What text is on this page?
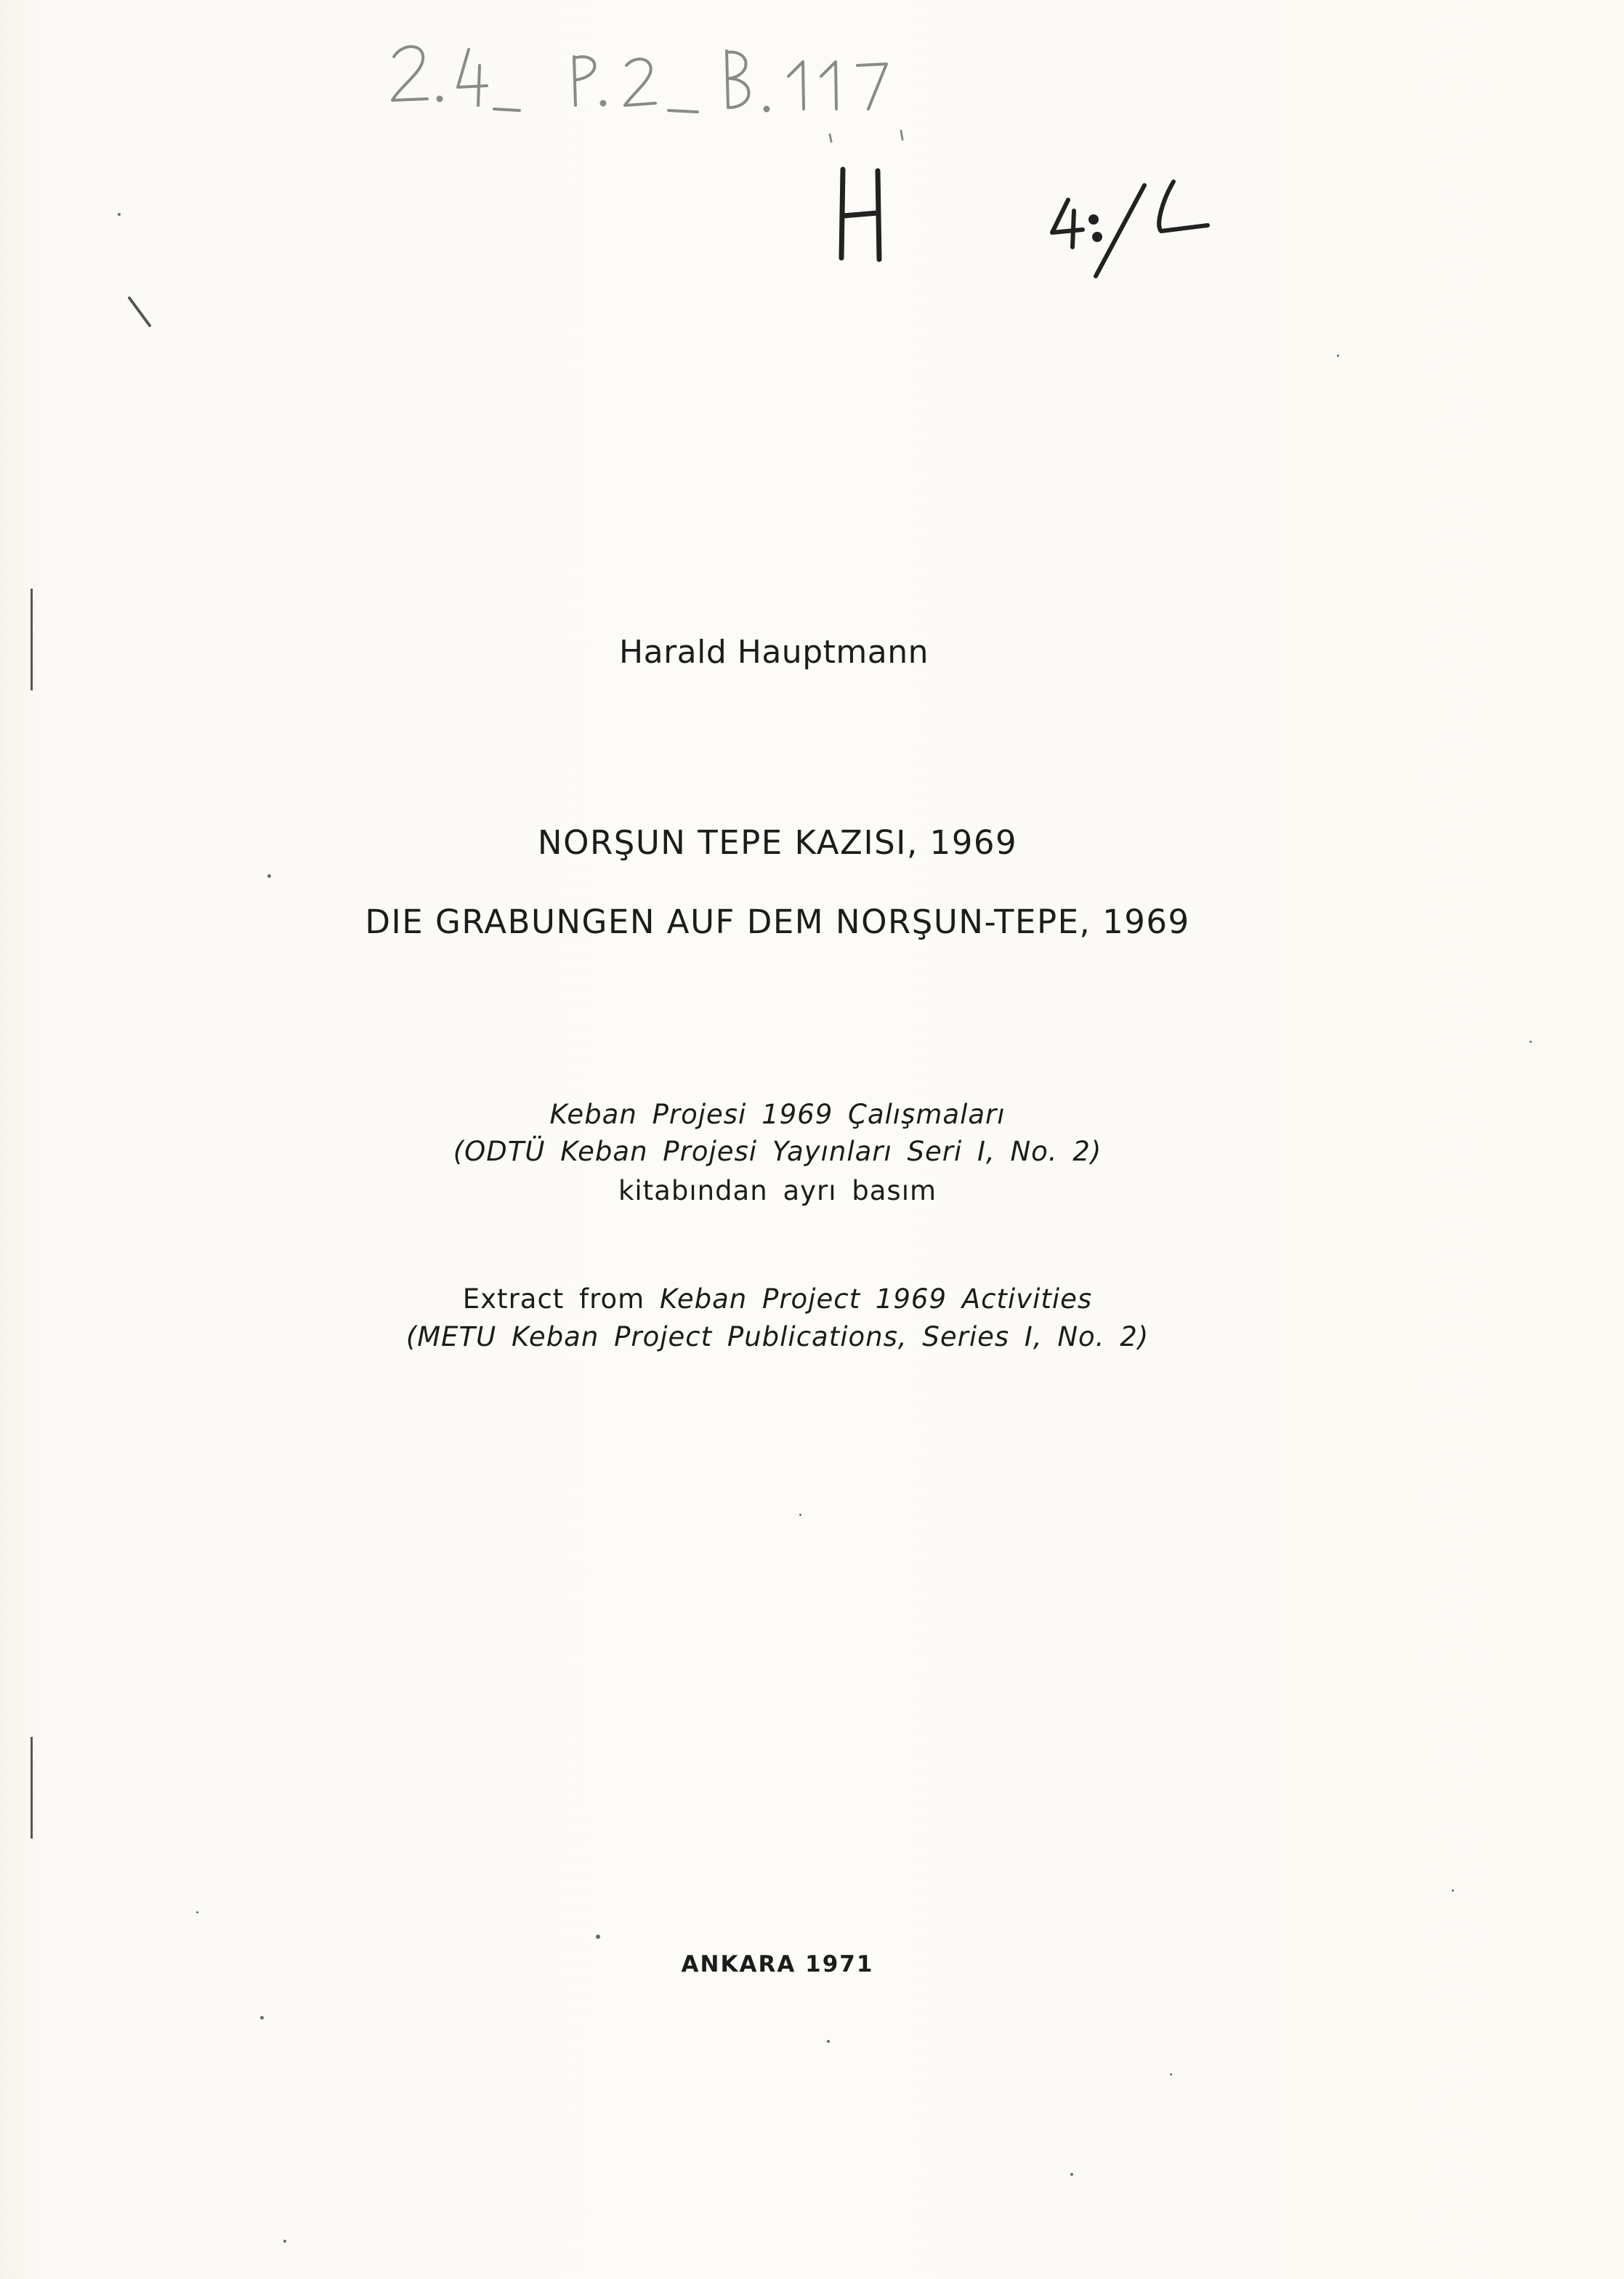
Harald Hauptmann
NORŞUN TEPE KAZISI, 1969
DIE GRABUNGEN AUF DEM NORŞUN-TEPE, 1969
Keban Projesi 1969 Çalışmaları
(ODTÜ Keban Projesi Yayınları Seri I, No. 2)
kitabından ayrı basım
Extract from Keban Project 1969 Activities
(METU Keban Project Publications, Series I, No. 2)
ANKARA 1971
